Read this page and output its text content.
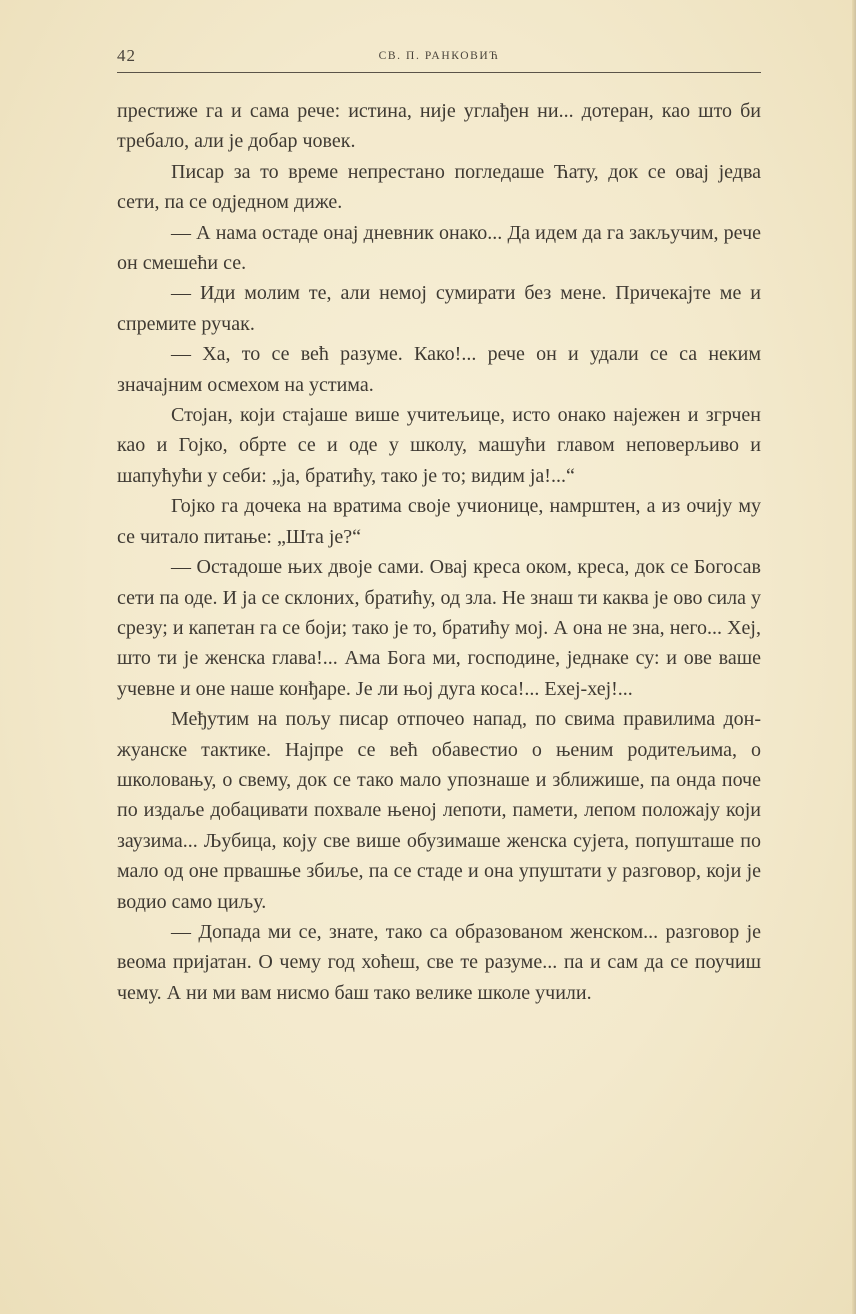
42	СВ. П. РАНКОВИЋ

престиже га и сама рече: истина, није углађен ни... дотеран, као што би требало, али је добар човек.

Писар за то време непрестано погледаше Ћату, док се овај једва сети, па се одједном диже.

— А нама остаде онај дневник онако... Да идем да га закључим, рече он смешећи се.

— Иди молим те, али немој сумирати без мене. Причекајте ме и спремите ручак.

— Ха, то се већ разуме. Како!... рече он и удали се са неким значајним осмехом на устима.

Стојан, који стајаше више учитељице, исто онако најежен и згрчен као и Гојко, обрте се и оде у школу, машући главом неповерљиво и шапућући у себи: „ја, братићу, тако је то; видим ја!...“

Гојко га дочека на вратима своје учионице, намрштен, а из очију му се читало питање: „Шта је?“

— Остадоше њих двоје сами. Овај креса оком, креса, док се Богосав сети па оде. И ја се склоних, братићу, од зла. Не знаш ти каква је ово сила у срезу; и капетан га се боји; тако је то, братићу мој. А она не зна, него... Хеј, што ти је женска глава!... Ама Бога ми, господине, једнаке су: и ове ваше учевне и оне наше конђаре. Је ли њој дуга коса!... Ехеј-хеј!...

Међутим на пољу писар отпочео напад, по свима правилима дон-жуанске тактике. Најпре се већ обавестио о њеним родитељима, о школовању, о свему, док се тако мало упознаше и зближише, па онда поче по издаље добацивати похвале њеној лепоти, памети, лепом положају који заузима... Љубица, коју све више обузимаше женска сујета, попушташе по мало од оне првашње збиље, па се стаде и она упуштати у разговор, који је водио само циљу.

— Допада ми се, знате, тако са образованом женском... разговор је веома пријатан. О чему год хоћеш, све те разуме... па и сам да се поучиш чему. А ни ми вам нисмо баш тако велике школе учили.
